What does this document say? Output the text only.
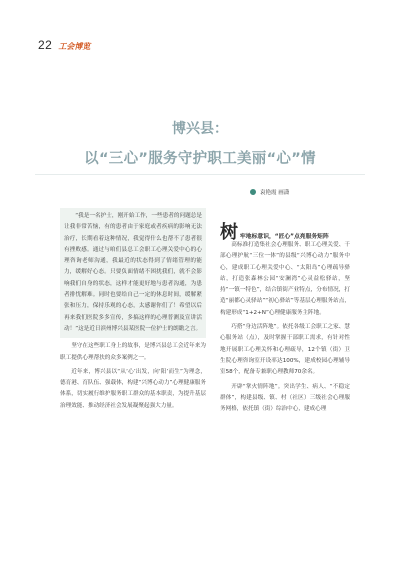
22 工会博览
博兴县：
以“三心”服务守护职工美丽“心”情
袁艳霞 画潇

“我是一名护士，刚开始工作，一些患者的问题总是让我非常苦恼，有的患者由于家庭或者疾病的影响无法治疗，长期看着这种情况，我觉得什么也帮不了患者很有挫败感。通过与咱们县总工会职工心理关爱中心的心理咨询老师沟通，我最近的状态得到了情绪管理的能力，缓解好心态。只要负面情绪不困扰我们，就不会影响我们自身的状态，这样才能更好地与患者沟通，为患者排忧解难。同时也要给自己一定的休息时间，缓解紧张和压力，保持乐观的心态，太感谢你们了！希望以后再来我们医院多多宣传，多搞这样的心理普测及宣讲活动！”这是近日滨州博兴县某医院一位护士的朗瞻之言。

坚守在这些职工身上的故事，是博兴县总工会近年来为职工提供心理帮扶的众多案例之一。

近年来，博兴县以“从‘心’出发，向‘阳’而生”为理念，德育港、育队伍、强载体，构建“兴博心动力”心理健康服务体系，切实履行维护服务职工群众的基本职责，为提升基层治理效能、推动经济社会发展凝聚起强大力量。

树 牢地标意识，“匠心”点亮服务矩阵

高标准打造集社会心理服务、职工心理关爱、干部心理护航“三位一体”的县级“兴博心动力”服务中心，建成职工心理关爱中心、“太阳岛”心理疏导驿站，打造张森林公园“安澜湾”心灵益松驿站，坚持“一镇一特色”，结合镇街产业特点，分布情况，打造“丽都心灵驿站”“初心驿站”等基层心理服务站点，构建形成“1+2+N”心理健康服务主阵地。

巧搭“身边活阵地”。依托各级工会职工之家、慧心服务站（点），及时掌握干部职工需求，有针对性地开展职工心理关怀和心理疏导，12个镇（街）卫生院心理咨询室开设率达100%，建成校园心理辅导室58个，配备专兼职心理教师70余名。

开辟“掌火情阵地”。突出学生、病人、“不稳定群体”，构建县级、镇、村（社区）三级社会心理服务网格，依托镇（街）综治中心，建成心理
